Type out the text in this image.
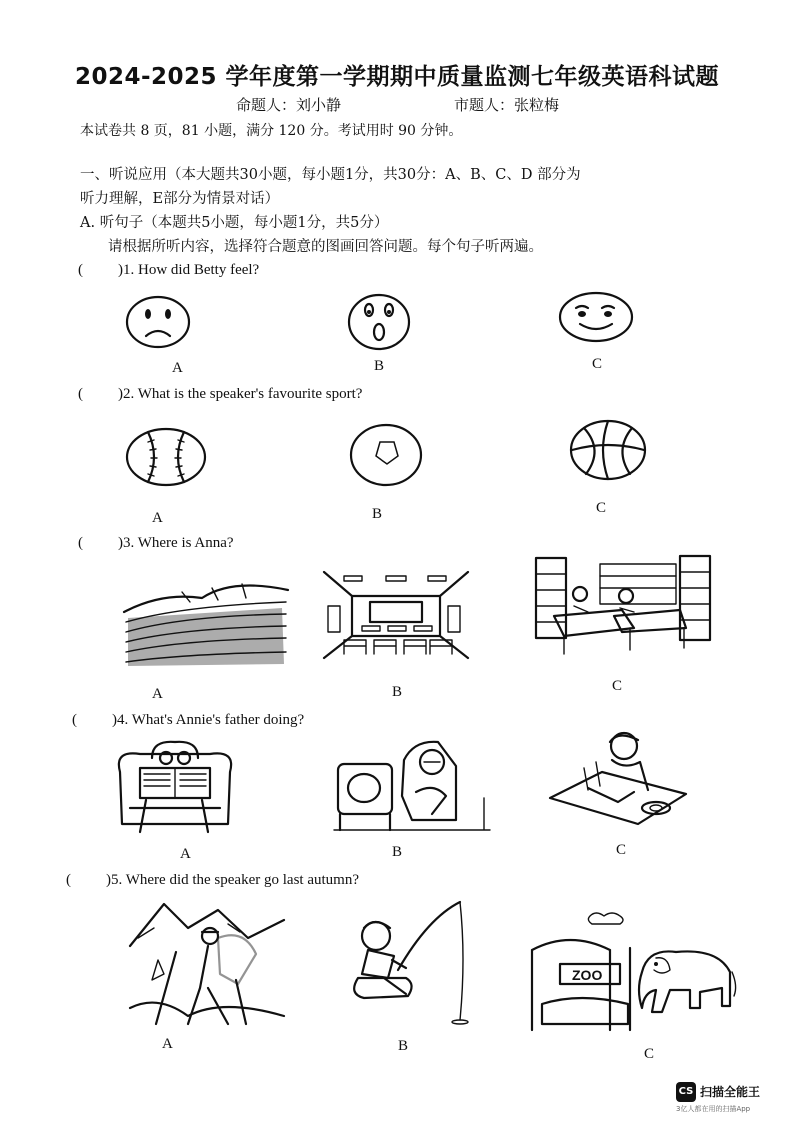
2024-2025 学年度第一学期期中质量监测七年级英语科试题
命题人：刘小静	市题人：张粒梅
本试卷共 8 页，81 小题，满分 120 分。考试用时 90 分钟。
一、听说应用（本大题共30小题，每小题1分，共30分：A、B、C、D 部分为
听力理解，E部分为情景对话）
A. 听句子（本题共5小题，每小题1分，共5分）
请根据所听内容，选择符合题意的图画回答问题。每个句子听两遍。
( )1. How did Betty feel?
A	B	C
( )2. What is the speaker's favourite sport?
A	B	C
( )3. Where is Anna?
A	B	C
( )4. What's Annie's father doing?
A	B	C
( )5. Where did the speaker go last autumn?
ZOO
A	B	C
CS 扫描全能王
3亿人都在用的扫描App
